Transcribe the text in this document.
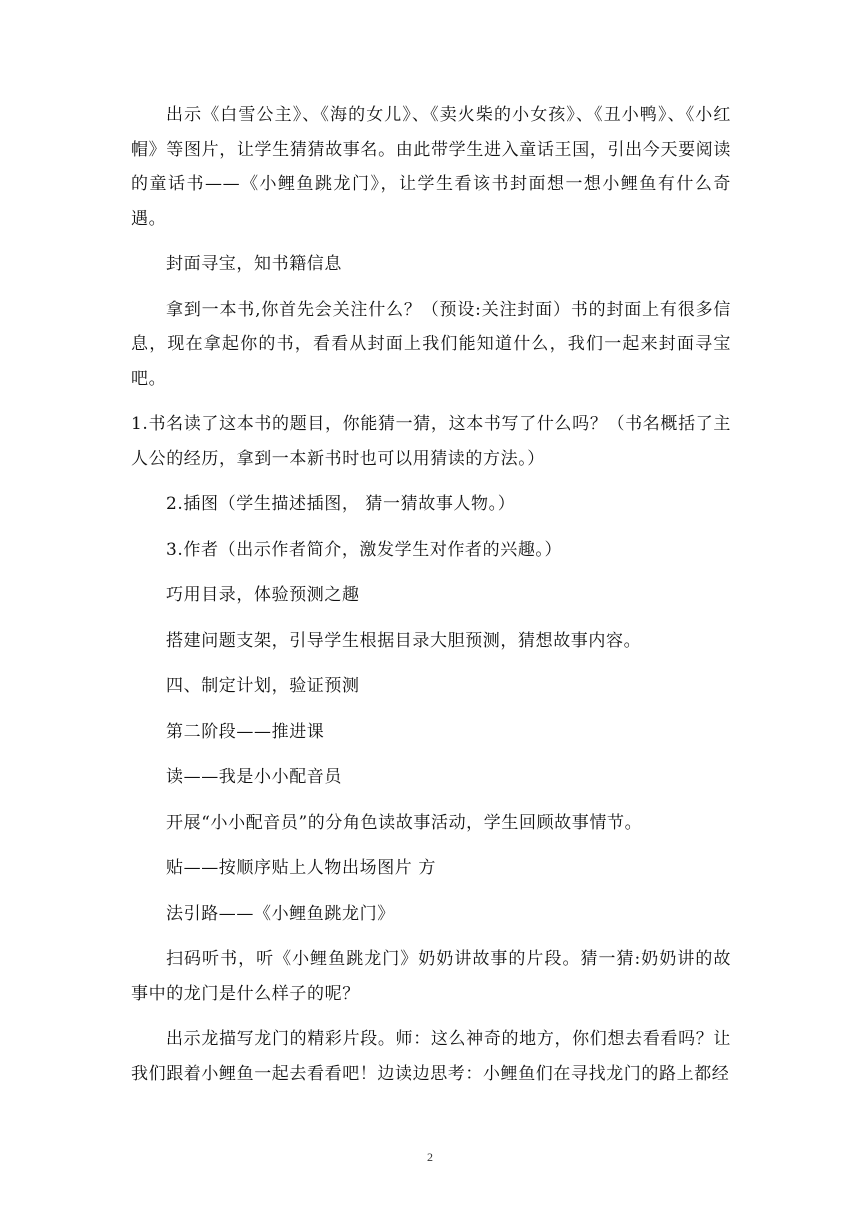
出示《白雪公主》、《海的女儿》、《卖火柴的小女孩》、《丑小鸭》、《小红帽》等图片，让学生猜猜故事名。由此带学生进入童话王国，引出今天要阅读的童话书——《小鲤鱼跳龙门》，让学生看该书封面想一想小鲤鱼有什么奇遇。

封面寻宝，知书籍信息

拿到一本书,你首先会关注什么？（预设:关注封面）书的封面上有很多信息，现在拿起你的书，看看从封面上我们能知道什么，我们一起来封面寻宝吧。

1.书名读了这本书的题目，你能猜一猜，这本书写了什么吗？（书名概括了主人公的经历，拿到一本新书时也可以用猜读的方法。）

2.插图（学生描述插图， 猜一猜故事人物。）

3.作者（出示作者简介，激发学生对作者的兴趣。）

巧用目录，体验预测之趣

搭建问题支架，引导学生根据目录大胆预测，猜想故事内容。

四、制定计划，验证预测

第二阶段——推进课

读——我是小小配音员

开展“小小配音员”的分角色读故事活动，学生回顾故事情节。

贴——按顺序贴上人物出场图片 方

法引路——《小鲤鱼跳龙门》

扫码听书，听《小鲤鱼跳龙门》奶奶讲故事的片段。猜一猜:奶奶讲的故事中的龙门是什么样子的呢？

出示龙描写龙门的精彩片段。师：这么神奇的地方，你们想去看看吗？让我们跟着小鲤鱼一起去看看吧！边读边思考：小鲤鱼们在寻找龙门的路上都经

2
